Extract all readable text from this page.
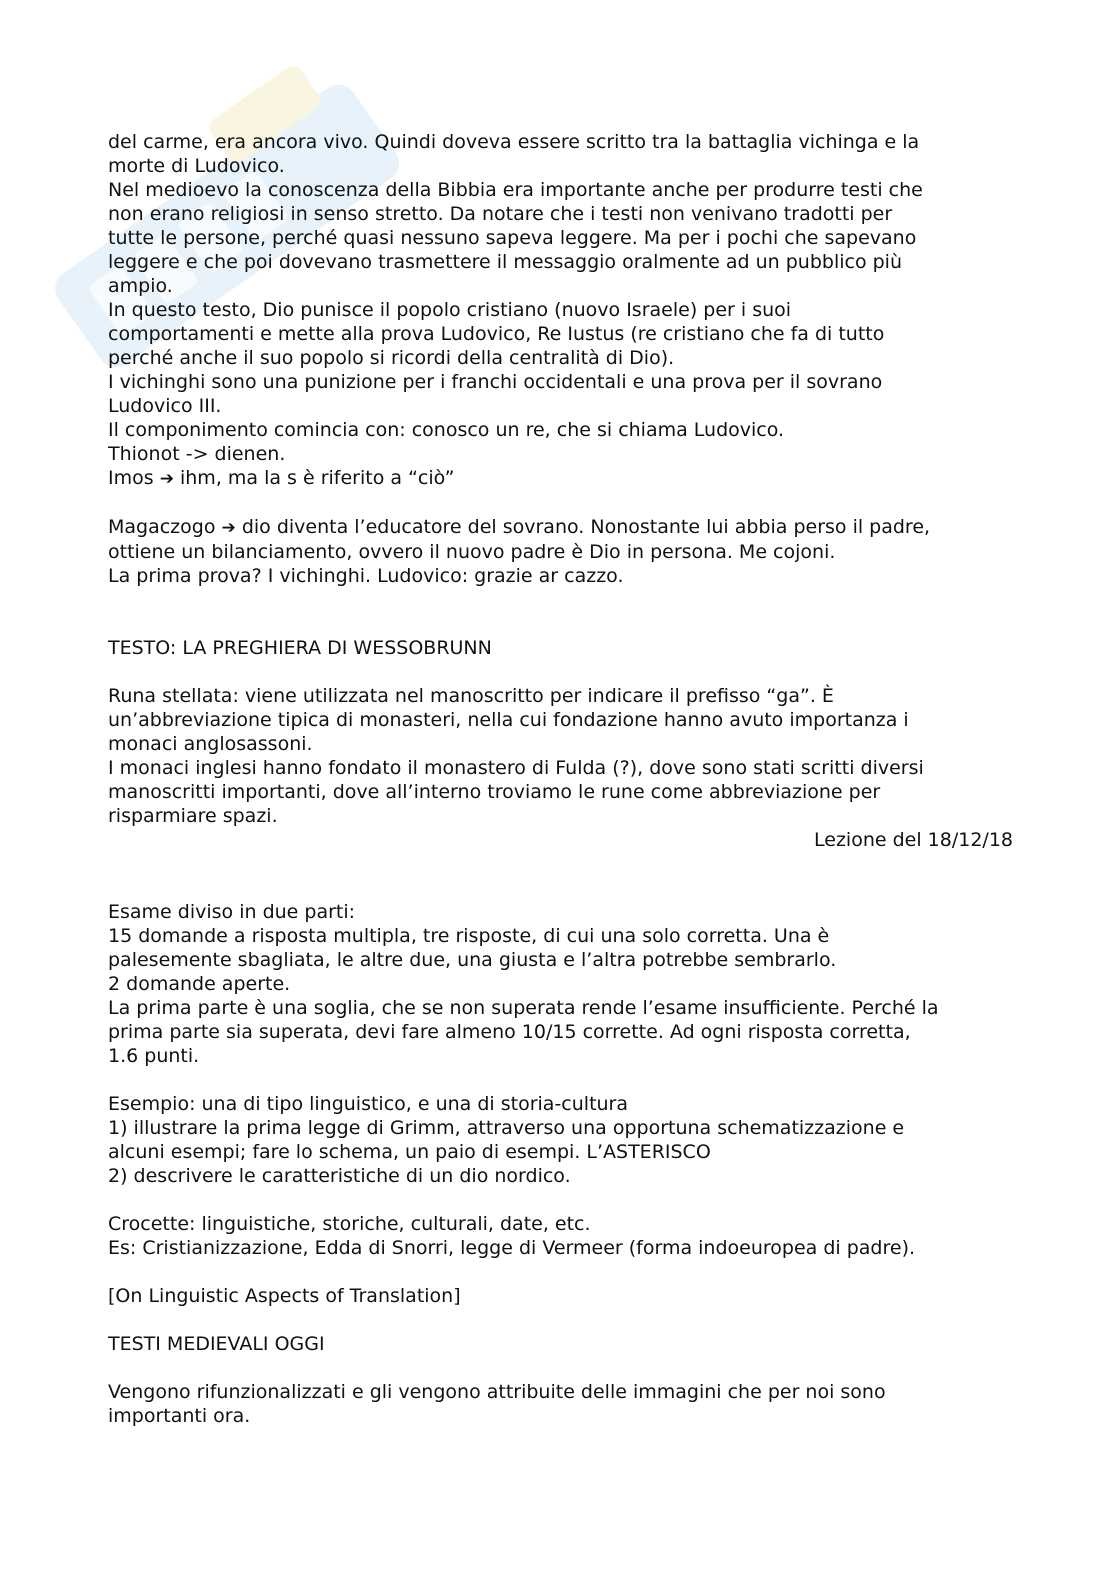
del carme, era ancora vivo. Quindi doveva essere scritto tra la battaglia vichinga e la
morte di Ludovico.
Nel medioevo la conoscenza della Bibbia era importante anche per produrre testi che
non erano religiosi in senso stretto. Da notare che i testi non venivano tradotti per
tutte le persone, perché quasi nessuno sapeva leggere. Ma per i pochi che sapevano
leggere e che poi dovevano trasmettere il messaggio oralmente ad un pubblico più
ampio.
In questo testo, Dio punisce il popolo cristiano (nuovo Israele) per i suoi
comportamenti e mette alla prova Ludovico, Re Iustus (re cristiano che fa di tutto
perché anche il suo popolo si ricordi della centralità di Dio).
I vichinghi sono una punizione per i franchi occidentali e una prova per il sovrano
Ludovico III.
Il componimento comincia con: conosco un re, che si chiama Ludovico.
Thionot -> dienen.
Imos ➔ ihm, ma la s è riferito a “ciò”
Magaczogo ➔ dio diventa l’educatore del sovrano. Nonostante lui abbia perso il padre,
ottiene un bilanciamento, ovvero il nuovo padre è Dio in persona. Me cojoni.
La prima prova? I vichinghi. Ludovico: grazie ar cazzo.
TESTO: LA PREGHIERA DI WESSOBRUNN
Runa stellata: viene utilizzata nel manoscritto per indicare il prefisso “ga”. È
un’abbreviazione tipica di monasteri, nella cui fondazione hanno avuto importanza i
monaci anglosassoni.
I monaci inglesi hanno fondato il monastero di Fulda (?), dove sono stati scritti diversi
manoscritti importanti, dove all’interno troviamo le rune come abbreviazione per
risparmiare spazi.
Lezione del 18/12/18
Esame diviso in due parti:
15 domande a risposta multipla, tre risposte, di cui una solo corretta. Una è
palesemente sbagliata, le altre due, una giusta e l’altra potrebbe sembrarlo.
2 domande aperte.
La prima parte è una soglia, che se non superata rende l’esame insufficiente. Perché la
prima parte sia superata, devi fare almeno 10/15 corrette. Ad ogni risposta corretta,
1.6 punti.
Esempio: una di tipo linguistico, e una di storia-cultura
1) illustrare la prima legge di Grimm, attraverso una opportuna schematizzazione e
alcuni esempi; fare lo schema, un paio di esempi. L’ASTERISCO
2) descrivere le caratteristiche di un dio nordico.
Crocette: linguistiche, storiche, culturali, date, etc.
Es: Cristianizzazione, Edda di Snorri, legge di Vermeer (forma indoeuropea di padre).
[On Linguistic Aspects of Translation]
TESTI MEDIEVALI OGGI
Vengono rifunzionalizzati e gli vengono attribuite delle immagini che per noi sono
importanti ora.
